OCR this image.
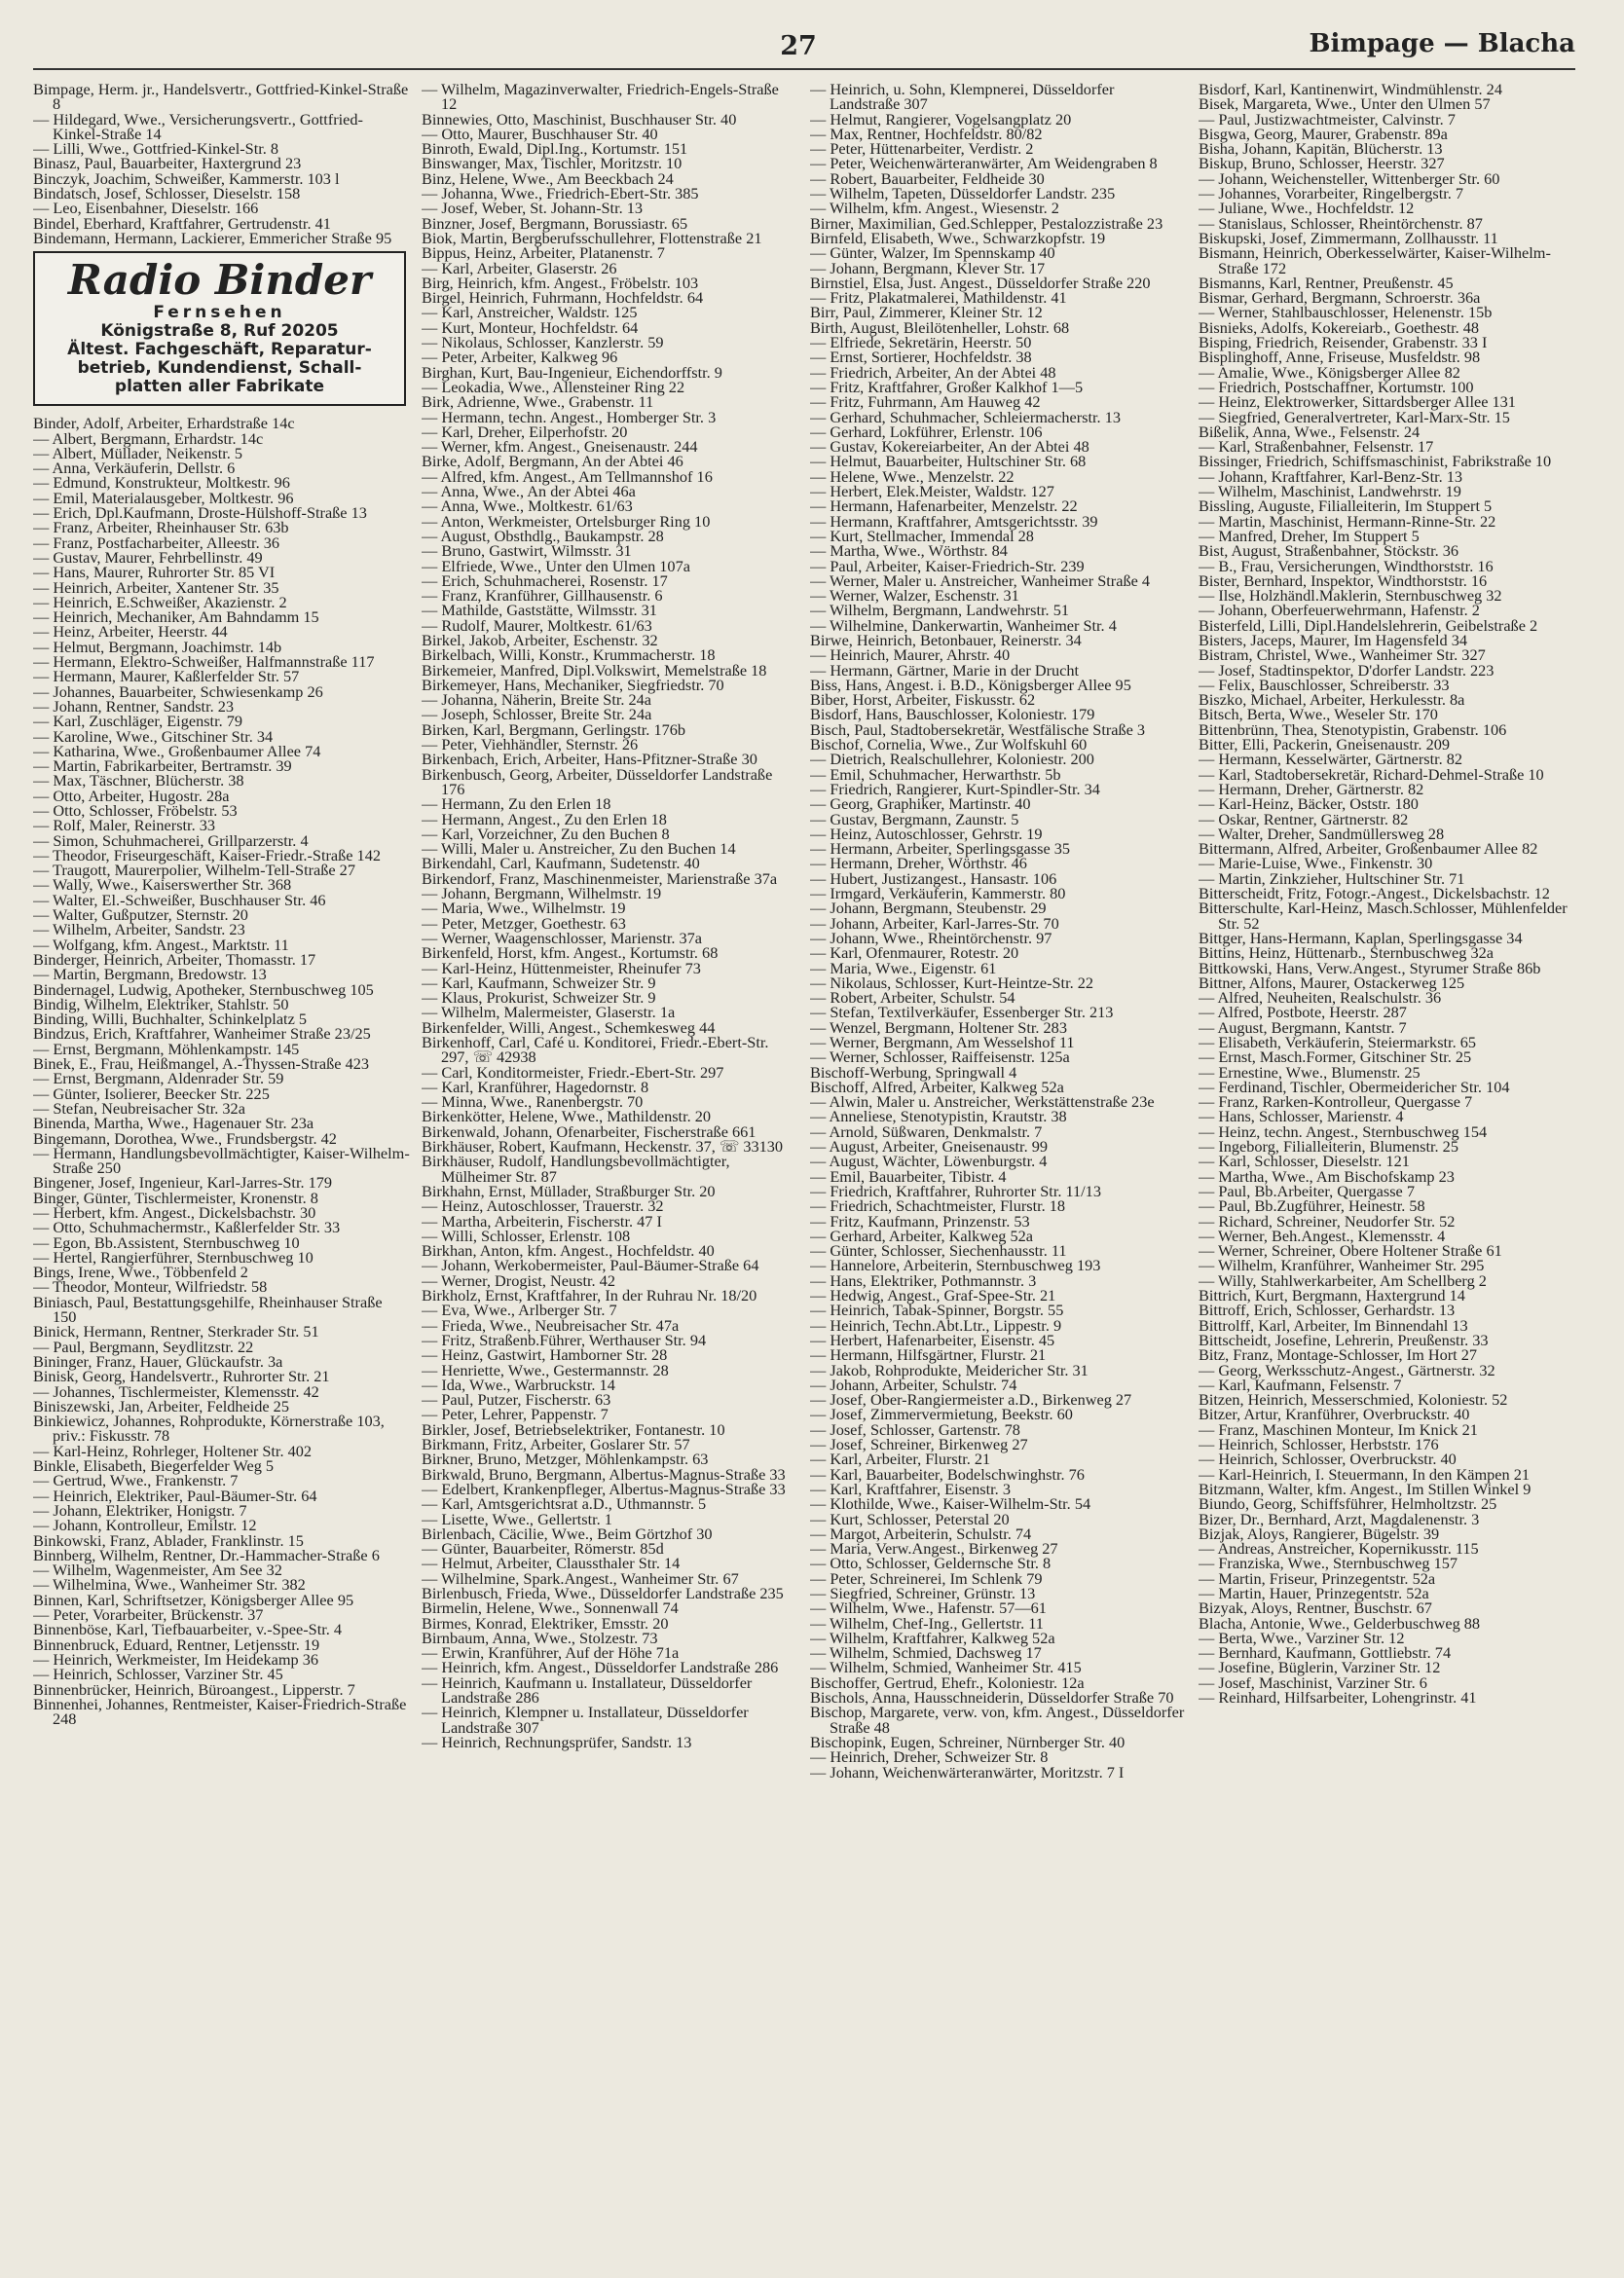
27	Bimpage — Blacha
Bimpage, Herm. jr., Handelsvertr., Gottfried-Kinkel-Straße 8
— Hildegard, Wwe., Versicherungsvertr., Gottfried-Kinkel-Straße 14
— Lilli, Wwe., Gottfried-Kinkel-Str. 8
Binasz, Paul, Bauarbeiter, Haxtergrund 23
Binczyk, Joachim, Schweißer, Kammerstr. 103 l
Bindatsch, Josef, Schlosser, Dieselstr. 158
— Leo, Eisenbahner, Dieselstr. 166
Bindel, Eberhard, Kraftfahrer, Gertrudenstr. 41
Bindemann, Hermann, Lackierer, Emmericher Straße 95
Radio Binder
Fernsehen
Königstraße 8, Ruf 20205
Ältest. Fachgeschäft, Reparatur-
betrieb, Kundendienst, Schall-
platten aller Fabrikate
Binder, Adolf, Arbeiter, Erhardstraße 14c
— Albert, Bergmann, Erhardstr. 14c
— Albert, Müllader, Neikenstr. 5
— Anna, Verkäuferin, Dellstr. 6
— Edmund, Konstrukteur, Moltkestr. 96
— Emil, Materialausgeber, Moltkestr. 96
— Erich, Dpl.Kaufmann, Droste-Hülshoff-Straße 13
— Franz, Arbeiter, Rheinhauser Str. 63b
— Franz, Postfacharbeiter, Alleestr. 36
— Gustav, Maurer, Fehrbellinstr. 49
— Hans, Maurer, Ruhrorter Str. 85 VI
— Heinrich, Arbeiter, Xantener Str. 35
— Heinrich, E.Schweißer, Akazienstr. 2
— Heinrich, Mechaniker, Am Bahndamm 15
— Heinz, Arbeiter, Heerstr. 44
— Helmut, Bergmann, Joachimstr. 14b
— Hermann, Elektro-Schweißer, Halfmannstraße 117
— Hermann, Maurer, Kaßlerfelder Str. 57
— Johannes, Bauarbeiter, Schwiesenkamp 26
— Johann, Rentner, Sandstr. 23
— Karl, Zuschläger, Eigenstr. 79
— Karoline, Wwe., Gitschiner Str. 34
— Katharina, Wwe., Großenbaumer Allee 74
— Martin, Fabrikarbeiter, Bertramstr. 39
— Max, Täschner, Blücherstr. 38
— Otto, Arbeiter, Hugostr. 28a
— Otto, Schlosser, Fröbelstr. 53
— Rolf, Maler, Reinerstr. 33
— Simon, Schuhmacherei, Grillparzerstr. 4
— Theodor, Friseurgeschäft, Kaiser-Friedr.-Straße 142
— Traugott, Maurerpolier, Wilhelm-Tell-Straße 27
— Wally, Wwe., Kaiserswerther Str. 368
— Walter, El.-Schweißer, Buschhauser Str. 46
— Walter, Gußputzer, Sternstr. 20
— Wilhelm, Arbeiter, Sandstr. 23
— Wolfgang, kfm. Angest., Marktstr. 11
Binderger, Heinrich, Arbeiter, Thomasstr. 17
— Martin, Bergmann, Bredowstr. 13
Bindernagel, Ludwig, Apotheker, Sternbuschweg 105
Bindig, Wilhelm, Elektriker, Stahlstr. 50
Binding, Willi, Buchhalter, Schinkelplatz 5
Bindzus, Erich, Kraftfahrer, Wanheimer Straße 23/25
— Ernst, Bergmann, Möhlenkampstr. 145
Binek, E., Frau, Heißmangel, A.-Thyssen-Straße 423
— Ernst, Bergmann, Aldenrader Str. 59
— Günter, Isolierer, Beecker Str. 225
— Stefan, Neubreisacher Str. 32a
Binenda, Martha, Wwe., Hagenauer Str. 23a
Bingemann, Dorothea, Wwe., Frundsbergstr. 42
— Hermann, Handlungsbevollmächtigter, Kaiser-Wilhelm-Straße 250
Bingener, Josef, Ingenieur, Karl-Jarres-Str. 179
Binger, Günter, Tischlermeister, Kronenstr. 8
— Herbert, kfm. Angest., Dickelsbachstr. 30
— Otto, Schuhmachermstr., Kaßlerfelder Str. 33
— Egon, Bb.Assistent, Sternbuschweg 10
— Hertel, Rangierführer, Sternbuschweg 10
Bings, Irene, Wwe., Többenfeld 2
— Theodor, Monteur, Wilfriedstr. 58
Biniasch, Paul, Bestattungsgehilfe, Rheinhauser Straße 150
Binick, Hermann, Rentner, Sterkrader Str. 51
— Paul, Bergmann, Seydlitzstr. 22
Bininger, Franz, Hauer, Glückaufstr. 3a
Binisk, Georg, Handelsvertr., Ruhrorter Str. 21
— Johannes, Tischlermeister, Klemensstr. 42
Biniszewski, Jan, Arbeiter, Feldheide 25
Binkiewicz, Johannes, Rohprodukte, Körnerstraße 103, priv.: Fiskusstr. 78
— Karl-Heinz, Rohrleger, Holtener Str. 402
Binkle, Elisabeth, Biegerfelder Weg 5
— Gertrud, Wwe., Frankenstr. 7
— Heinrich, Elektriker, Paul-Bäumer-Str. 64
— Johann, Elektriker, Honigstr. 7
— Johann, Kontrolleur, Emilstr. 12
Binkowski, Franz, Ablader, Franklinstr. 15
Binnberg, Wilhelm, Rentner, Dr.-Hammacher-Straße 6
— Wilhelm, Wagenmeister, Am See 32
— Wilhelmina, Wwe., Wanheimer Str. 382
Binnen, Karl, Schriftsetzer, Königsberger Allee 95
— Peter, Vorarbeiter, Brückenstr. 37
Binnenböse, Karl, Tiefbauarbeiter, v.-Spee-Str. 4
Binnenbruck, Eduard, Rentner, Letjensstr. 19
— Heinrich, Werkmeister, Im Heidekamp 36
— Heinrich, Schlosser, Varziner Str. 45
Binnenbrücker, Heinrich, Büroangest., Lipperstr. 7
Binnenhei, Johannes, Rentmeister, Kaiser-Friedrich-Straße 248
— Wilhelm, Magazinverwalter, Friedrich-Engels-Straße 12
Binnewies, Otto, Maschinist, Buschhauser Str. 40
— Otto, Maurer, Buschhauser Str. 40
Binroth, Ewald, Dipl.Ing., Kortumstr. 151
Binswanger, Max, Tischler, Moritzstr. 10
Binz, Helene, Wwe., Am Beeckbach 24
— Johanna, Wwe., Friedrich-Ebert-Str. 385
— Josef, Weber, St. Johann-Str. 13
Binzner, Josef, Bergmann, Borussiastr. 65
Biok, Martin, Bergberufsschullehrer, Flottenstraße 21
Bippus, Heinz, Arbeiter, Platanenstr. 7
— Karl, Arbeiter, Glaserstr. 26
Birg, Heinrich, kfm. Angest., Fröbelstr. 103
Birgel, Heinrich, Fuhrmann, Hochfeldstr. 64
— Karl, Anstreicher, Waldstr. 125
— Kurt, Monteur, Hochfeldstr. 64
— Nikolaus, Schlosser, Kanzlerstr. 59
— Peter, Arbeiter, Kalkweg 96
Birghan, Kurt, Bau-Ingenieur, Eichendorffstr. 9
— Leokadia, Wwe., Allensteiner Ring 22
Birk, Adrienne, Wwe., Grabenstr. 11
— Hermann, techn. Angest., Homberger Str. 3
— Karl, Dreher, Eilperhofstr. 20
— Werner, kfm. Angest., Gneisenaustr. 244
Birke, Adolf, Bergmann, An der Abtei 46
— Alfred, kfm. Angest., Am Tellmannshof 16
— Anna, Wwe., An der Abtei 46a
— Anna, Wwe., Moltkestr. 61/63
— Anton, Werkmeister, Ortelsburger Ring 10
— August, Obsthdlg., Baukampstr. 28
— Bruno, Gastwirt, Wilmsstr. 31
— Elfriede, Wwe., Unter den Ulmen 107a
— Erich, Schuhmacherei, Rosenstr. 17
— Franz, Kranführer, Gillhausenstr. 6
— Mathilde, Gaststätte, Wilmsstr. 31
— Rudolf, Maurer, Moltkestr. 61/63
Birkel, Jakob, Arbeiter, Eschenstr. 32
Birkelbach, Willi, Konstr., Krummacherstr. 18
Birkemeier, Manfred, Dipl.Volkswirt, Memelstraße 18
Birkemeyer, Hans, Mechaniker, Siegfriedstr. 70
— Johanna, Näherin, Breite Str. 24a
— Joseph, Schlosser, Breite Str. 24a
Birken, Karl, Bergmann, Gerlingstr. 176b
— Peter, Viehhändler, Sternstr. 26
Birkenbach, Erich, Arbeiter, Hans-Pfitzner-Straße 30
Birkenbusch, Georg, Arbeiter, Düsseldorfer Landstraße 176
— Hermann, Zu den Erlen 18
— Hermann, Angest., Zu den Erlen 18
— Karl, Vorzeichner, Zu den Buchen 8
— Willi, Maler u. Anstreicher, Zu den Buchen 14
Birkendahl, Carl, Kaufmann, Sudetenstr. 40
Birkendorf, Franz, Maschinenmeister, Marienstraße 37a
— Johann, Bergmann, Wilhelmstr. 19
— Maria, Wwe., Wilhelmstr. 19
— Peter, Metzger, Goethestr. 63
— Werner, Waagenschlosser, Marienstr. 37a
Birkenfeld, Horst, kfm. Angest., Kortumstr. 68
— Karl-Heinz, Hüttenmeister, Rheinufer 73
— Karl, Kaufmann, Schweizer Str. 9
— Klaus, Prokurist, Schweizer Str. 9
— Wilhelm, Malermeister, Glaserstr. 1a
Birkenfelder, Willi, Angest., Schemkesweg 44
Birkenhoff, Carl, Café u. Konditorei, Friedr.-Ebert-Str. 297, ☏ 42938
— Carl, Konditormeister, Friedr.-Ebert-Str. 297
— Karl, Kranführer, Hagedornstr. 8
— Minna, Wwe., Ranenbergstr. 70
Birkenkötter, Helene, Wwe., Mathildenstr. 20
Birkenwald, Johann, Ofenarbeiter, Fischerstraße 661
Birkhäuser, Robert, Kaufmann, Heckenstr. 37, ☏ 33130
Birkhäuser, Rudolf, Handlungsbevollmächtigter, Mülheimer Str. 87
Birkhahn, Ernst, Müllader, Straßburger Str. 20
— Heinz, Autoschlosser, Trauerstr. 32
— Martha, Arbeiterin, Fischerstr. 47 I
— Willi, Schlosser, Erlenstr. 108
Birkhan, Anton, kfm. Angest., Hochfeldstr. 40
— Johann, Werkobermeister, Paul-Bäumer-Straße 64
— Werner, Drogist, Neustr. 42
Birkholz, Ernst, Kraftfahrer, In der Ruhrau Nr. 18/20
— Eva, Wwe., Arlberger Str. 7
— Frieda, Wwe., Neubreisacher Str. 47a
— Fritz, Straßenb.Führer, Werthauser Str. 94
— Heinz, Gastwirt, Hamborner Str. 28
— Henriette, Wwe., Gestermannstr. 28
— Ida, Wwe., Warbruckstr. 14
— Paul, Putzer, Fischerstr. 63
— Peter, Lehrer, Pappenstr. 7
Birkler, Josef, Betriebselektriker, Fontanestr. 10
Birkmann, Fritz, Arbeiter, Goslarer Str. 57
Birkner, Bruno, Metzger, Möhlenkampstr. 63
Birkwald, Bruno, Bergmann, Albertus-Magnus-Straße 33
— Edelbert, Krankenpfleger, Albertus-Magnus-Straße 33
— Karl, Amtsgerichtsrat a.D., Uthmannstr. 5
— Lisette, Wwe., Gellertstr. 1
Birlenbach, Cäcilie, Wwe., Beim Görtzhof 30
— Günter, Bauarbeiter, Römerstr. 85d
— Helmut, Arbeiter, Claussthaler Str. 14
— Wilhelmine, Spark.Angest., Wanheimer Str. 67
Birlenbusch, Frieda, Wwe., Düsseldorfer Landstraße 235
Birmelin, Helene, Wwe., Sonnenwall 74
Birmes, Konrad, Elektriker, Emsstr. 20
Birnbaum, Anna, Wwe., Stolzestr. 73
— Erwin, Kranführer, Auf der Höhe 71a
— Heinrich, kfm. Angest., Düsseldorfer Landstraße 286
— Heinrich, Kaufmann u. Installateur, Düsseldorfer Landstraße 286
— Heinrich, Klempner u. Installateur, Düsseldorfer Landstraße 307
— Heinrich, Rechnungsprüfer, Sandstr. 13
— Heinrich, u. Sohn, Klempnerei, Düsseldorfer Landstraße 307
— Helmut, Rangierer, Vogelsangplatz 20
— Max, Rentner, Hochfeldstr. 80/82
— Peter, Hüttenarbeiter, Verdistr. 2
— Peter, Weichenwärteranwärter, Am Weidengraben 8
— Robert, Bauarbeiter, Feldheide 30
— Wilhelm, Tapeten, Düsseldorfer Landstr. 235
— Wilhelm, kfm. Angest., Wiesenstr. 2
Birner, Maximilian, Ged.Schlepper, Pestalozzistraße 23
Birnfeld, Elisabeth, Wwe., Schwarzkopfstr. 19
— Günter, Walzer, Im Spennskamp 40
— Johann, Bergmann, Klever Str. 17
Birnstiel, Elsa, Just. Angest., Düsseldorfer Straße 220
— Fritz, Plakatmalerei, Mathildenstr. 41
Birr, Paul, Zimmerer, Kleiner Str. 12
Birth, August, Bleilötenheller, Lohstr. 68
— Elfriede, Sekretärin, Heerstr. 50
— Ernst, Sortierer, Hochfeldstr. 38
— Friedrich, Arbeiter, An der Abtei 48
— Fritz, Kraftfahrer, Großer Kalkhof 1—5
— Fritz, Fuhrmann, Am Hauweg 42
— Gerhard, Schuhmacher, Schleiermacherstr. 13
— Gerhard, Lokführer, Erlenstr. 106
— Gustav, Kokereiarbeiter, An der Abtei 48
— Helmut, Bauarbeiter, Hultschiner Str. 68
— Helene, Wwe., Menzelstr. 22
— Herbert, Elek.Meister, Waldstr. 127
— Hermann, Hafenarbeiter, Menzelstr. 22
— Hermann, Kraftfahrer, Amtsgerichtsstr. 39
— Kurt, Stellmacher, Immendal 28
— Martha, Wwe., Wörthstr. 84
— Paul, Arbeiter, Kaiser-Friedrich-Str. 239
— Werner, Maler u. Anstreicher, Wanheimer Straße 4
— Werner, Walzer, Eschenstr. 31
— Wilhelm, Bergmann, Landwehrstr. 51
— Wilhelmine, Dankerwartin, Wanheimer Str. 4
Birwe, Heinrich, Betonbauer, Reinerstr. 34
— Heinrich, Maurer, Ahrstr. 40
— Hermann, Gärtner, Marie in der Drucht
Biss, Hans, Angest. i. B.D., Königsberger Allee 95
Biber, Horst, Arbeiter, Fiskusstr. 62
Bisdorf, Hans, Bauschlosser, Koloniestr. 179
Bisch, Paul, Stadtobersekretär, Westfälische Straße 3
Bischof, Cornelia, Wwe., Zur Wolfskuhl 60
— Dietrich, Realschullehrer, Koloniestr. 200
— Emil, Schuhmacher, Herwarthstr. 5b
— Friedrich, Rangierer, Kurt-Spindler-Str. 34
— Georg, Graphiker, Martinstr. 40
— Gustav, Bergmann, Zaunstr. 5
— Heinz, Autoschlosser, Gehrstr. 19
— Hermann, Arbeiter, Sperlingsgasse 35
— Hermann, Dreher, Wörthstr. 46
— Hubert, Justizangest., Hansastr. 106
— Irmgard, Verkäuferin, Kammerstr. 80
— Johann, Bergmann, Steubenstr. 29
— Johann, Arbeiter, Karl-Jarres-Str. 70
— Johann, Wwe., Rheintörchenstr. 97
— Karl, Ofenmaurer, Rotestr. 20
— Maria, Wwe., Eigenstr. 61
— Nikolaus, Schlosser, Kurt-Heintze-Str. 22
— Robert, Arbeiter, Schulstr. 54
— Stefan, Textilverkäufer, Essenberger Str. 213
— Wenzel, Bergmann, Holtener Str. 283
— Werner, Bergmann, Am Wesselshof 11
— Werner, Schlosser, Raiffeisenstr. 125a
Bischoff-Werbung, Springwall 4
Bischoff, Alfred, Arbeiter, Kalkweg 52a
— Alwin, Maler u. Anstreicher, Werkstättenstraße 23e
— Anneliese, Stenotypistin, Krautstr. 38
— Arnold, Süßwaren, Denkmalstr. 7
— August, Arbeiter, Gneisenaustr. 99
— August, Wächter, Löwenburgstr. 4
— Emil, Bauarbeiter, Tibistr. 4
— Friedrich, Kraftfahrer, Ruhrorter Str. 11/13
— Friedrich, Schachtmeister, Flurstr. 18
— Fritz, Kaufmann, Prinzenstr. 53
— Gerhard, Arbeiter, Kalkweg 52a
— Günter, Schlosser, Siechenhausstr. 11
— Hannelore, Arbeiterin, Sternbuschweg 193
— Hans, Elektriker, Pothmannstr. 3
— Hedwig, Angest., Graf-Spee-Str. 21
— Heinrich, Tabak-Spinner, Borgstr. 55
— Heinrich, Techn.Abt.Ltr., Lippestr. 9
— Herbert, Hafenarbeiter, Eisenstr. 45
— Hermann, Hilfsgärtner, Flurstr. 21
— Jakob, Rohprodukte, Meidericher Str. 31
— Johann, Arbeiter, Schulstr. 74
— Josef, Ober-Rangiermeister a.D., Birkenweg 27
— Josef, Zimmervermietung, Beekstr. 60
— Josef, Schlosser, Gartenstr. 78
— Josef, Schreiner, Birkenweg 27
— Karl, Arbeiter, Flurstr. 21
— Karl, Bauarbeiter, Bodelschwinghstr. 76
— Karl, Kraftfahrer, Eisenstr. 3
— Klothilde, Wwe., Kaiser-Wilhelm-Str. 54
— Kurt, Schlosser, Peterstal 20
— Margot, Arbeiterin, Schulstr. 74
— Maria, Verw.Angest., Birkenweg 27
— Otto, Schlosser, Geldernsche Str. 8
— Peter, Schreinerei, Im Schlenk 79
— Siegfried, Schreiner, Grünstr. 13
— Wilhelm, Wwe., Hafenstr. 57—61
— Wilhelm, Chef-Ing., Gellertstr. 11
— Wilhelm, Kraftfahrer, Kalkweg 52a
— Wilhelm, Schmied, Dachsweg 17
— Wilhelm, Schmied, Wanheimer Str. 415
Bischoffer, Gertrud, Ehefr., Koloniestr. 12a
Bischols, Anna, Hausschneiderin, Düsseldorfer Straße 70
Bischop, Margarete, verw. von, kfm. Angest., Düsseldorfer Straße 48
Bischopink, Eugen, Schreiner, Nürnberger Str. 40
— Heinrich, Dreher, Schweizer Str. 8
— Johann, Weichenwärteranwärter, Moritzstr. 7 I
Bisdorf, Karl, Kantinenwirt, Windmühlenstr. 24
Bisek, Margareta, Wwe., Unter den Ulmen 57
— Paul, Justizwachtmeister, Calvinstr. 7
Bisgwa, Georg, Maurer, Grabenstr. 89a
Bisha, Johann, Kapitän, Blücherstr. 13
Biskup, Bruno, Schlosser, Heerstr. 327
— Johann, Weichensteller, Wittenberger Str. 60
— Johannes, Vorarbeiter, Ringelbergstr. 7
— Juliane, Wwe., Hochfeldstr. 12
— Stanislaus, Schlosser, Rheintörchenstr. 87
Biskupski, Josef, Zimmermann, Zollhausstr. 11
Bismann, Heinrich, Oberkesselwärter, Kaiser-Wilhelm-Straße 172
Bismanns, Karl, Rentner, Preußenstr. 45
Bismar, Gerhard, Bergmann, Schroerstr. 36a
— Werner, Stahlbauschlosser, Helenenstr. 15b
Bisnieks, Adolfs, Kokereiarb., Goethestr. 48
Bisping, Friedrich, Reisender, Grabenstr. 33 I
Bisplinghoff, Anne, Friseuse, Musfeldstr. 98
— Amalie, Wwe., Königsberger Allee 82
— Friedrich, Postschaffner, Kortumstr. 100
— Heinz, Elektrowerker, Sittardsberger Allee 131
— Siegfried, Generalvertreter, Karl-Marx-Str. 15
Bißelik, Anna, Wwe., Felsenstr. 24
— Karl, Straßenbahner, Felsenstr. 17
Bissinger, Friedrich, Schiffsmaschinist, Fabrikstraße 10
— Johann, Kraftfahrer, Karl-Benz-Str. 13
— Wilhelm, Maschinist, Landwehrstr. 19
Bissling, Auguste, Filialleiterin, Im Stuppert 5
— Martin, Maschinist, Hermann-Rinne-Str. 22
— Manfred, Dreher, Im Stuppert 5
Bist, August, Straßenbahner, Stöckstr. 36
— B., Frau, Versicherungen, Windthorststr. 16
Bister, Bernhard, Inspektor, Windthorststr. 16
— Ilse, Holzhändl.Maklerin, Sternbuschweg 32
— Johann, Oberfeuerwehrmann, Hafenstr. 2
Bisterfeld, Lilli, Dipl.Handelslehrerin, Geibelstraße 2
Bisters, Jaceps, Maurer, Im Hagensfeld 34
Bistram, Christel, Wwe., Wanheimer Str. 327
— Josef, Stadtinspektor, D'dorfer Landstr. 223
— Felix, Bauschlosser, Schreiberstr. 33
Biszko, Michael, Arbeiter, Herkulesstr. 8a
Bitsch, Berta, Wwe., Weseler Str. 170
Bittenbrünn, Thea, Stenotypistin, Grabenstr. 106
Bitter, Elli, Packerin, Gneisenaustr. 209
— Hermann, Kesselwärter, Gärtnerstr. 82
— Karl, Stadtobersekretär, Richard-Dehmel-Straße 10
— Hermann, Dreher, Gärtnerstr. 82
— Karl-Heinz, Bäcker, Oststr. 180
— Oskar, Rentner, Gärtnerstr. 82
— Walter, Dreher, Sandmüllersweg 28
Bittermann, Alfred, Arbeiter, Großenbaumer Allee 82
— Marie-Luise, Wwe., Finkenstr. 30
— Martin, Zinkzieher, Hultschiner Str. 71
Bitterscheidt, Fritz, Fotogr.-Angest., Dickelsbachstr. 12
Bitterschulte, Karl-Heinz, Masch.Schlosser, Mühlenfelder Str. 52
Bittger, Hans-Hermann, Kaplan, Sperlingsgasse 34
Bittins, Heinz, Hüttenarb., Sternbuschweg 32a
Bittkowski, Hans, Verw.Angest., Styrumer Straße 86b
Bittner, Alfons, Maurer, Ostackerweg 125
— Alfred, Neuheiten, Realschulstr. 36
— Alfred, Postbote, Heerstr. 287
— August, Bergmann, Kantstr. 7
— Elisabeth, Verkäuferin, Steiermarkstr. 65
— Ernst, Masch.Former, Gitschiner Str. 25
— Ernestine, Wwe., Blumenstr. 25
— Ferdinand, Tischler, Obermeidericher Str. 104
— Franz, Rarken-Kontrolleur, Quergasse 7
— Hans, Schlosser, Marienstr. 4
— Heinz, techn. Angest., Sternbuschweg 154
— Ingeborg, Filialleiterin, Blumenstr. 25
— Karl, Schlosser, Dieselstr. 121
— Martha, Wwe., Am Bischofskamp 23
— Paul, Bb.Arbeiter, Quergasse 7
— Paul, Bb.Zugführer, Heinestr. 58
— Richard, Schreiner, Neudorfer Str. 52
— Werner, Beh.Angest., Klemensstr. 4
— Werner, Schreiner, Obere Holtener Straße 61
— Wilhelm, Kranführer, Wanheimer Str. 295
— Willy, Stahlwerkarbeiter, Am Schellberg 2
Bittrich, Kurt, Bergmann, Haxtergrund 14
Bittroff, Erich, Schlosser, Gerhardstr. 13
Bittrolff, Karl, Arbeiter, Im Binnendahl 13
Bittscheidt, Josefine, Lehrerin, Preußenstr. 33
Bitz, Franz, Montage-Schlosser, Im Hort 27
— Georg, Werksschutz-Angest., Gärtnerstr. 32
— Karl, Kaufmann, Felsenstr. 7
Bitzen, Heinrich, Messerschmied, Koloniestr. 52
Bitzer, Artur, Kranführer, Overbruckstr. 40
— Franz, Maschinen Monteur, Im Knick 21
— Heinrich, Schlosser, Herbststr. 176
— Heinrich, Schlosser, Overbruckstr. 40
— Karl-Heinrich, I. Steuermann, In den Kämpen 21
Bitzmann, Walter, kfm. Angest., Im Stillen Winkel 9
Biundo, Georg, Schiffsführer, Helmholtzstr. 25
Bizer, Dr., Bernhard, Arzt, Magdalenenstr. 3
Bizjak, Aloys, Rangierer, Bügelstr. 39
— Andreas, Anstreicher, Kopernikusstr. 115
— Franziska, Wwe., Sternbuschweg 157
— Martin, Friseur, Prinzegentstr. 52a
— Martin, Hauer, Prinzegentstr. 52a
Bizyak, Aloys, Rentner, Buschstr. 67
Blacha, Antonie, Wwe., Gelderbuschweg 88
— Berta, Wwe., Varziner Str. 12
— Bernhard, Kaufmann, Gottliebstr. 74
— Josefine, Büglerin, Varziner Str. 12
— Josef, Maschinist, Varziner Str. 6
— Reinhard, Hilfsarbeiter, Lohengrinstr. 41
